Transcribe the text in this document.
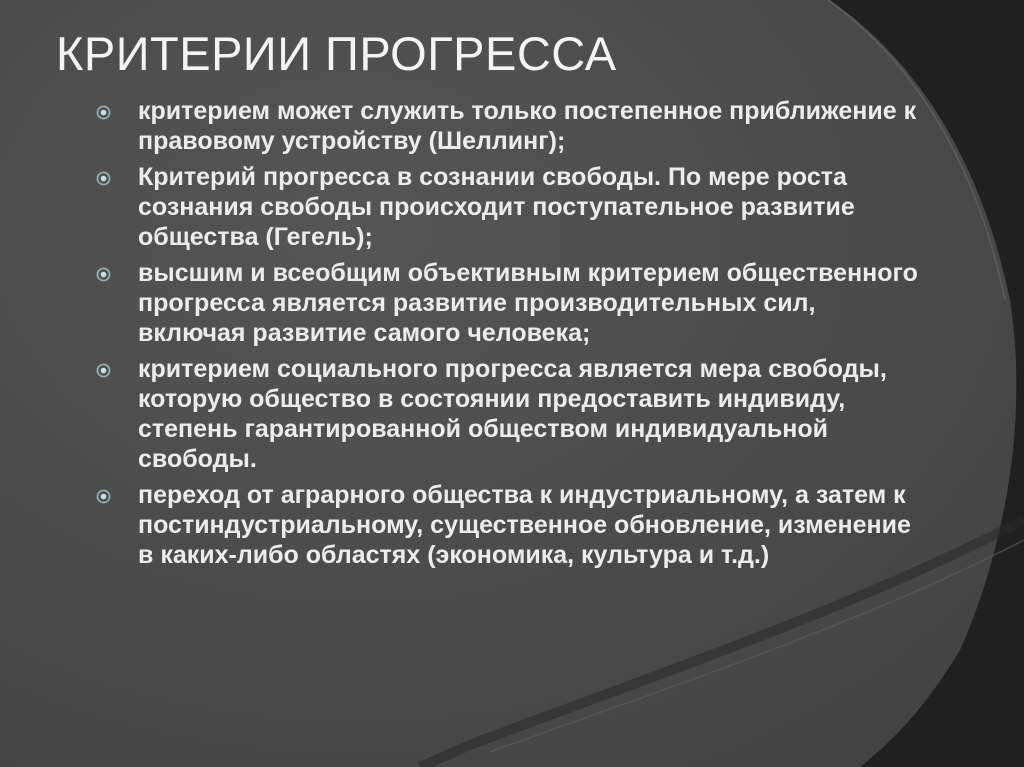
КРИТЕРИИ ПРОГРЕССА
критерием может служить только постепенное приближение к правовому устройству (Шеллинг);
Критерий прогресса в сознании свободы. По мере роста сознания свободы происходит поступательное развитие общества (Гегель);
высшим и всеобщим объективным критерием общественного прогресса является развитие производительных сил, включая развитие самого человека;
критерием социального прогресса является мера свободы, которую общество в состоянии предоставить индивиду, степень гарантированной обществом индивидуальной свободы.
переход от аграрного общества к индустриальному, а затем к постиндустриальному, существенное обновление, изменение в каких-либо областях (экономика, культура и т.д.)
